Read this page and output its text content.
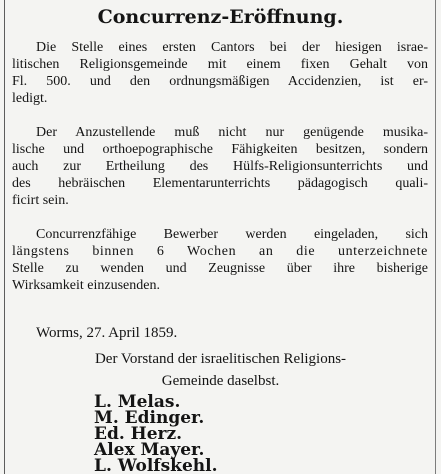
Concurrenz-Eröffnung.
Die Stelle eines ersten Cantors bei der hiesigen israe-
litischen Religionsgemeinde mit einem fixen Gehalt von
Fl. 500. und den ordnungsmäßigen Accidenzien, ist er-
ledigt.
Der Anzustellende muß nicht nur genügende musika-
lische und orthoepographische Fähigkeiten besitzen, sondern
auch zur Ertheilung des Hülfs-Religionsunterrichts und
des hebräischen Elementarunterrichts pädagogisch quali-
ficirt sein.
Concurrenzfähige Bewerber werden eingeladen, sich
längstens binnen 6 Wochen an die unterzeichnete
Stelle zu wenden und Zeugnisse über ihre bisherige
Wirksamkeit einzusenden.
Worms, 27. April 1859.
Der Vorstand der israelitischen Religions-
Gemeinde daselbst.
L. Melas.
M. Edinger.
Ed. Herz.
Alex Mayer.
L. Wolfskehl.
